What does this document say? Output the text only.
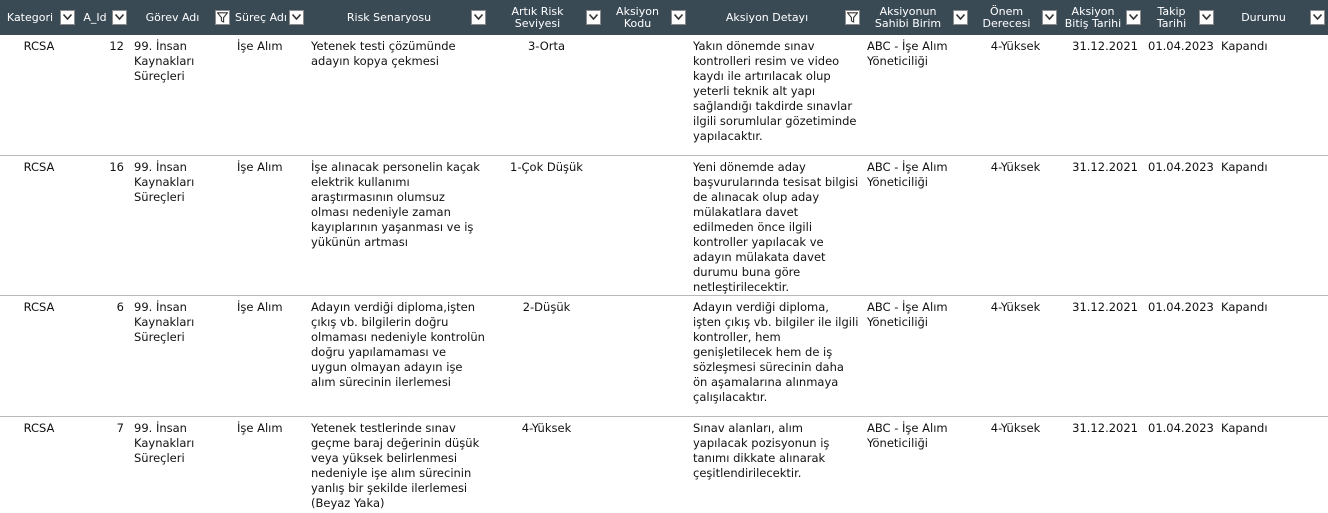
Kategori	A_Id	Görev Adı	Süreç Adı	Risk Senaryosu	Artık Risk Seviyesi	Aksiyon Kodu	Aksiyon Detayı	Aksiyonun Sahibi Birim	Önem Derecesi	Aksiyon Bitiş Tarihi	Takip Tarihi	Durumu

RCSA	12	99. İnsan Kaynakları Süreçleri	İşe Alım	Yetenek testi çözümünde adayın kopya çekmesi	3-Orta		Yakın dönemde sınav kontrolleri resim ve video kaydı ile artırılacak olup yeterli teknik alt yapı sağlandığı takdirde sınavlar ilgili sorumlular gözetiminde yapılacaktır.	ABC - İşe Alım Yöneticiliği	4-Yüksek	31.12.2021	01.04.2023	Kapandı
RCSA	16	99. İnsan Kaynakları Süreçleri	İşe Alım	İşe alınacak personelin kaçak elektrik kullanımı araştırmasının olumsuz olması nedeniyle zaman kayıplarının yaşanması ve iş yükünün artması	1-Çok Düşük		Yeni dönemde aday başvurularında tesisat bilgisi de alınacak olup aday mülakatlara davet edilmeden önce ilgili kontroller yapılacak ve adayın mülakata davet durumu buna göre netleştirilecektir.	ABC - İşe Alım Yöneticiliği	4-Yüksek	31.12.2021	01.04.2023	Kapandı
RCSA	6	99. İnsan Kaynakları Süreçleri	İşe Alım	Adayın verdiği diploma,işten çıkış vb. bilgilerin doğru olmaması nedeniyle kontrolün doğru yapılamaması ve uygun olmayan adayın işe alım sürecinin ilerlemesi	2-Düşük		Adayın verdiği diploma, işten çıkış vb. bilgiler ile ilgili kontroller, hem genişletilecek hem de iş sözleşmesi sürecinin daha ön aşamalarına alınmaya çalışılacaktır.	ABC - İşe Alım Yöneticiliği	4-Yüksek	31.12.2021	01.04.2023	Kapandı
RCSA	7	99. İnsan Kaynakları Süreçleri	İşe Alım	Yetenek testlerinde sınav geçme baraj değerinin düşük veya yüksek belirlenmesi nedeniyle işe alım sürecinin yanlış bir şekilde ilerlemesi (Beyaz Yaka)	4-Yüksek		Sınav alanları, alım yapılacak pozisyonun iş tanımı dikkate alınarak çeşitlendirilecektir.	ABC - İşe Alım Yöneticiliği	4-Yüksek	31.12.2021	01.04.2023	Kapandı
